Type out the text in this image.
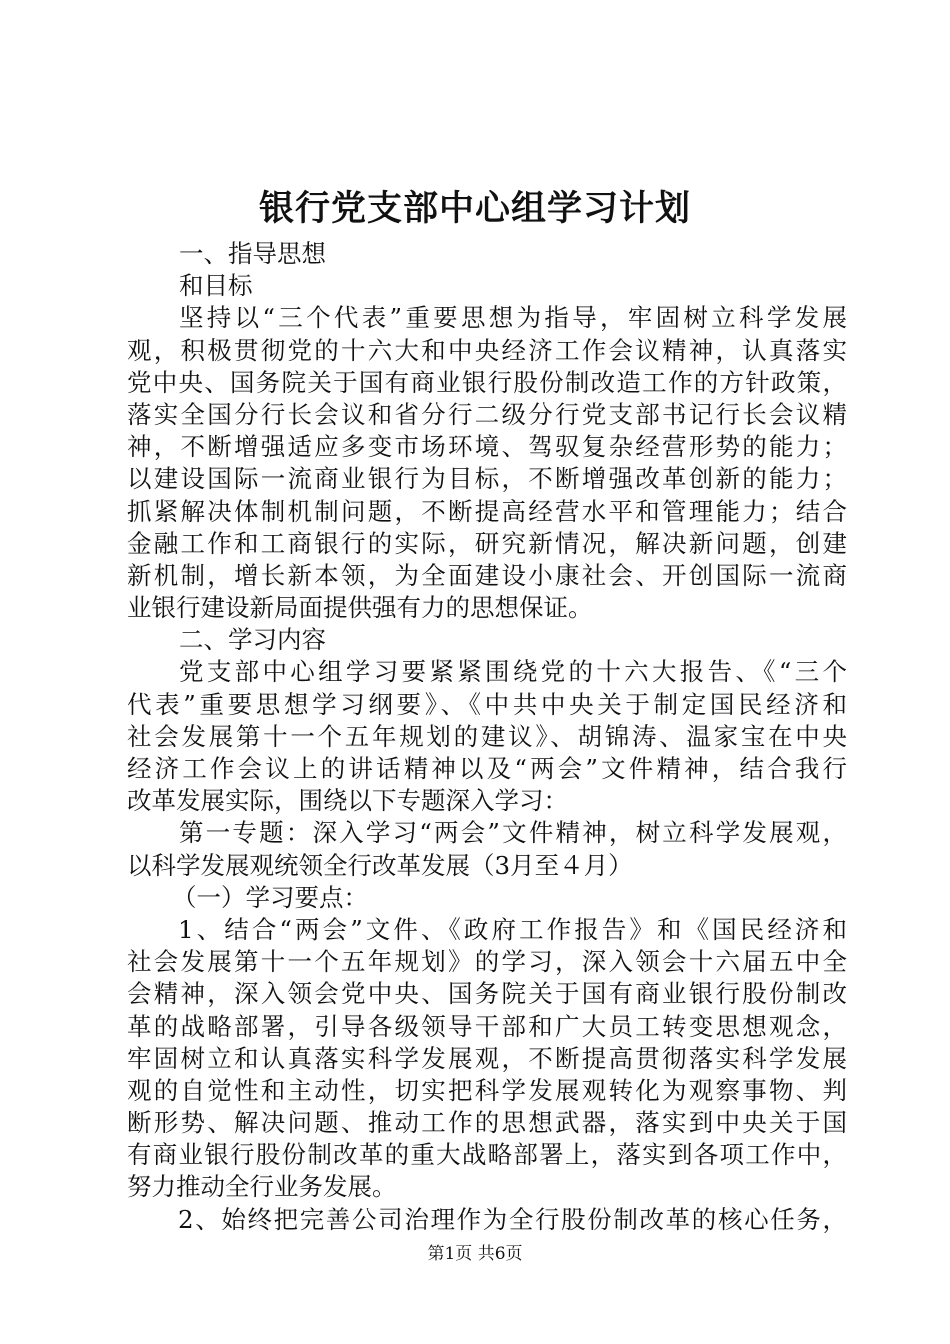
银行党支部中心组学习计划
一、指导思想
和目标
坚持以“三个代表”重要思想为指导，牢固树立科学发展
观，积极贯彻党的十六大和中央经济工作会议精神，认真落实
党中央、国务院关于国有商业银行股份制改造工作的方针政策，
落实全国分行长会议和省分行二级分行党支部书记行长会议精
神，不断增强适应多变市场环境、驾驭复杂经营形势的能力；
以建设国际一流商业银行为目标，不断增强改革创新的能力；
抓紧解决体制机制问题，不断提高经营水平和管理能力；结合
金融工作和工商银行的实际，研究新情况，解决新问题，创建
新机制，增长新本领，为全面建设小康社会、开创国际一流商
业银行建设新局面提供强有力的思想保证。
二、学习内容
党支部中心组学习要紧紧围绕党的十六大报告、《“三个
代表”重要思想学习纲要》、《中共中央关于制定国民经济和
社会发展第十一个五年规划的建议》、胡锦涛、温家宝在中央
经济工作会议上的讲话精神以及“两会”文件精神，结合我行
改革发展实际，围绕以下专题深入学习：
第一专题：深入学习“两会”文件精神，树立科学发展观，
以科学发展观统领全行改革发展（3月至４月）
（一）学习要点：
1、结合“两会”文件、《政府工作报告》和《国民经济和
社会发展第十一个五年规划》的学习，深入领会十六届五中全
会精神，深入领会党中央、国务院关于国有商业银行股份制改
革的战略部署，引导各级领导干部和广大员工转变思想观念，
牢固树立和认真落实科学发展观，不断提高贯彻落实科学发展
观的自觉性和主动性，切实把科学发展观转化为观察事物、判
断形势、解决问题、推动工作的思想武器，落实到中央关于国
有商业银行股份制改革的重大战略部署上，落实到各项工作中，
努力推动全行业务发展。
2、始终把完善公司治理作为全行股份制改革的核心任务，
第1页 共6页
